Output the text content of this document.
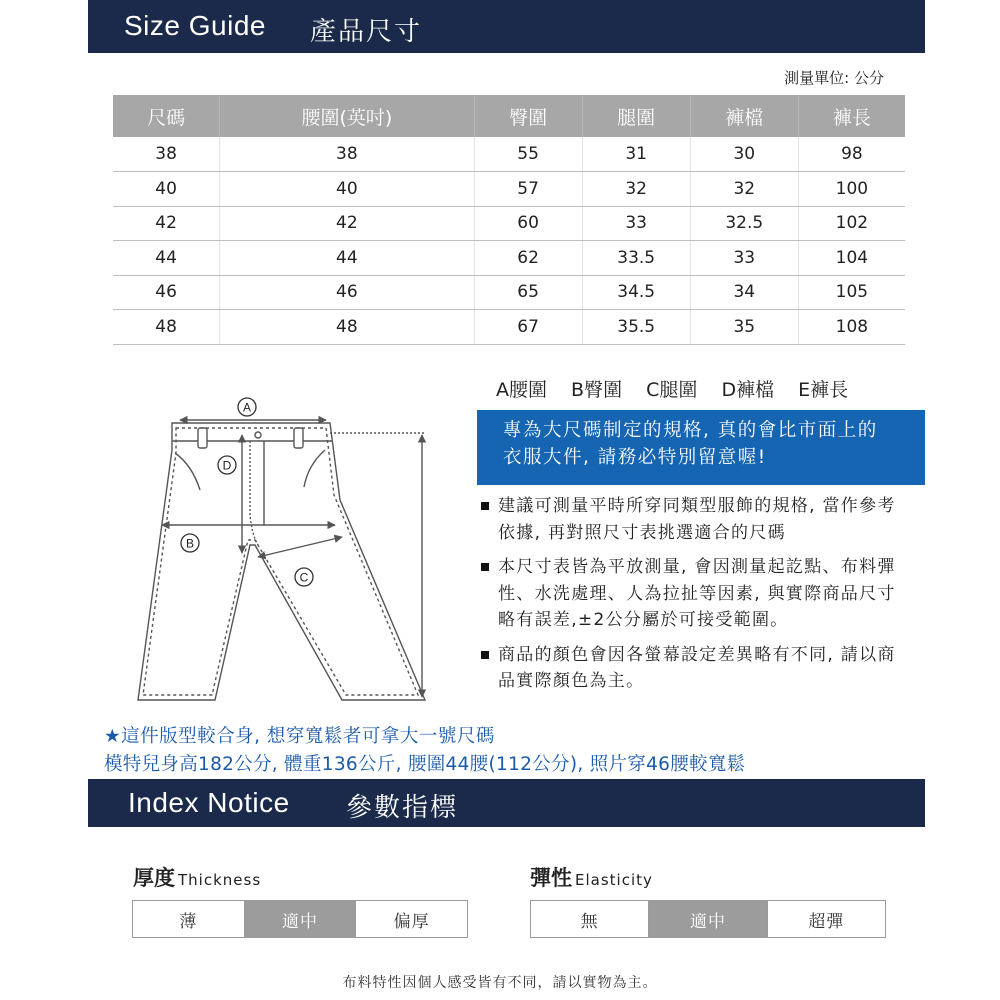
Size Guide 產品尺寸
測量單位: 公分
尺碼	腰圍(英吋)	臀圍	腿圍	褲檔	褲長
38	38	55	31	30	98
40	40	57	32	32	100
42	42	60	33	32.5	102
44	44	62	33.5	33	104
46	46	65	34.5	34	105
48	48	67	35.5	35	108
A腰圍 B臀圍 C腿圍 D褲檔 E褲長
A
B
C
D
專為大尺碼制定的規格, 真的會比市面上的
衣服大件, 請務必特別留意喔!
建議可測量平時所穿同類型服飾的規格, 當作參考依據, 再對照尺寸表挑選適合的尺碼
本尺寸表皆為平放測量, 會因測量起訖點、布料彈性、水洗處理、人為拉扯等因素, 與實際商品尺寸略有誤差,±2公分屬於可接受範圍。
商品的顏色會因各螢幕設定差異略有不同, 請以商品實際顏色為主。
★這件版型較合身, 想穿寬鬆者可拿大一號尺碼
模特兒身高182公分, 體重136公斤, 腰圍44腰(112公分), 照片穿46腰較寬鬆
Index Notice 參數指標
厚度 Thickness
薄	適中	偏厚
彈性 Elasticity
無	適中	超彈
布料特性因個人感受皆有不同，請以實物為主。
